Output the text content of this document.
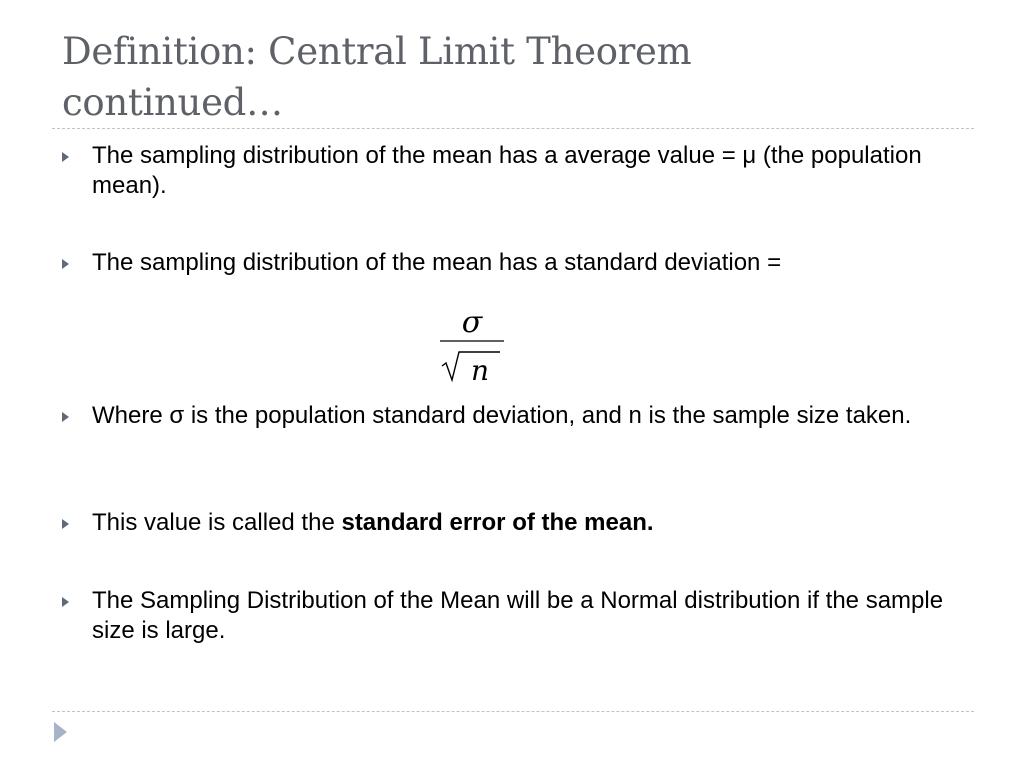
Definition: Central Limit Theorem
continued…
The sampling distribution of the mean has a average value = μ (the population mean).
The sampling distribution of the mean has a standard deviation =
σ
n
Where σ is the population standard deviation, and n is the sample size taken.
This value is called the standard error of the mean.
The Sampling Distribution of the Mean will be a Normal distribution if the sample size is large.
